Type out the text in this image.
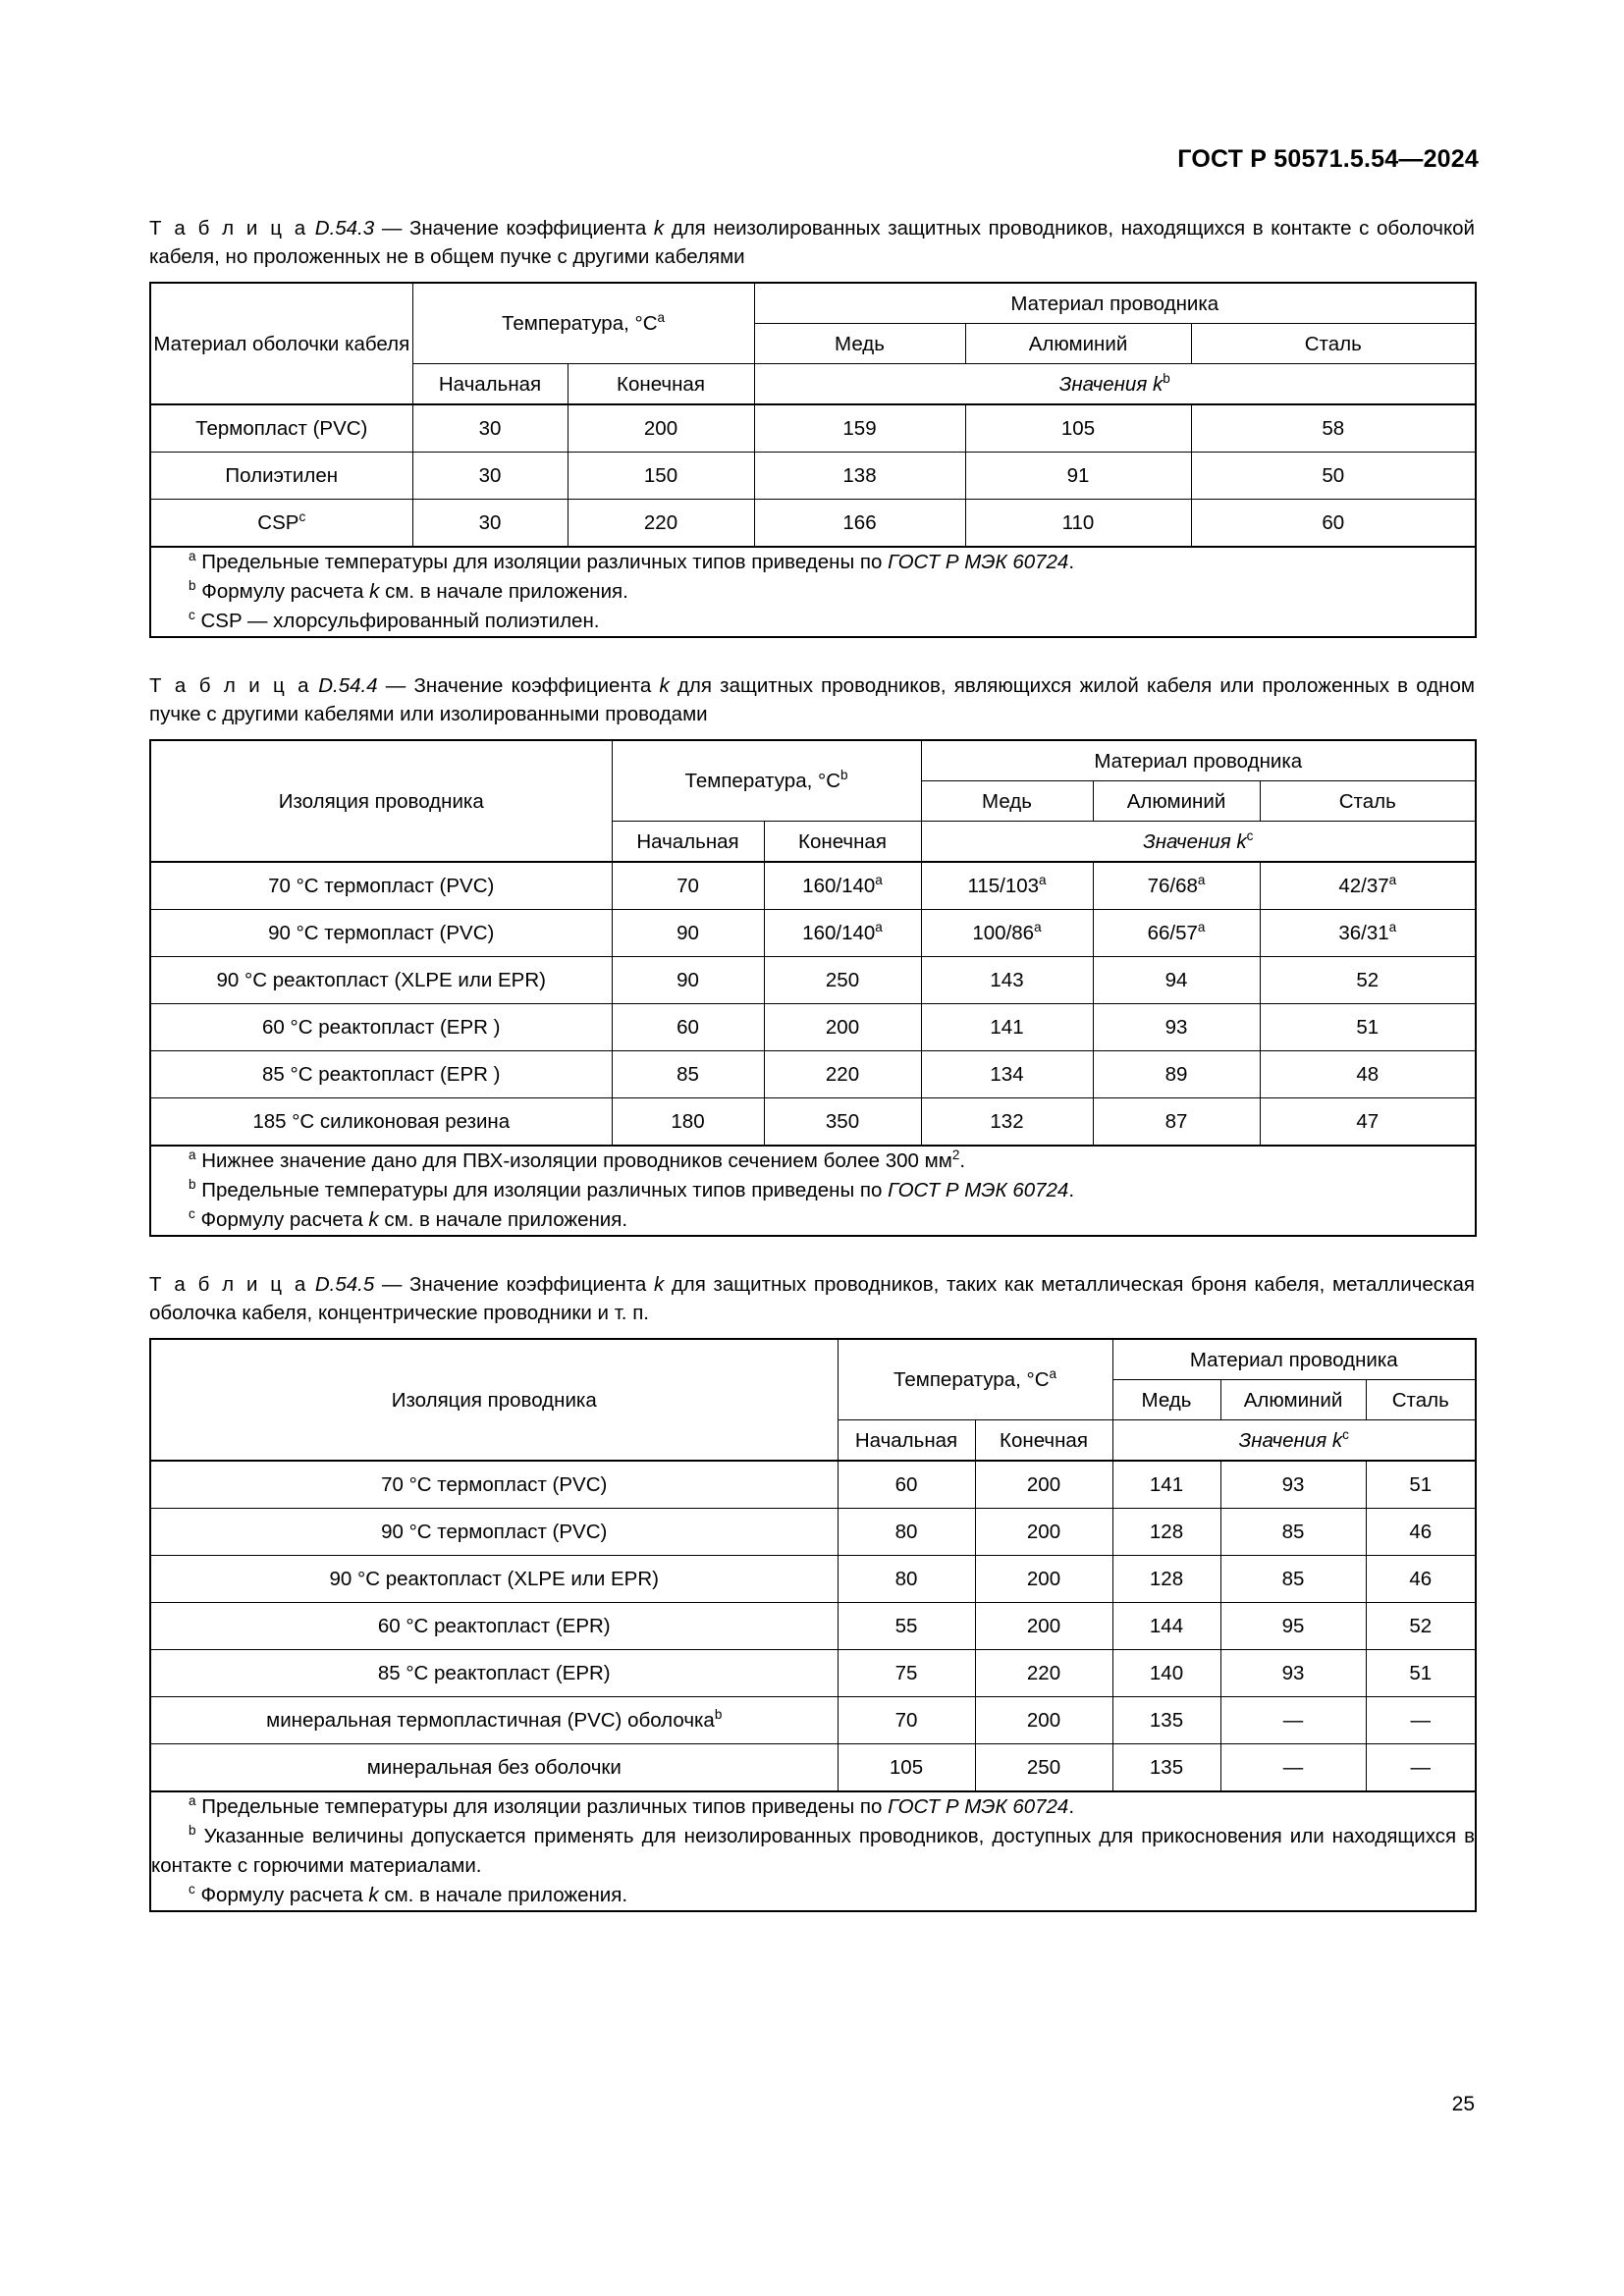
ГОСТ Р 50571.5.54—2024

Т а б л и ц а D.54.3 — Значение коэффициента k для неизолированных защитных проводников, находящихся в контакте с оболочкой кабеля, но проложенных не в общем пучке с другими кабелями

Материал оболочки кабеля	Температура, $^\circ C^a$		Материал проводника		
			Медь	Алюминий	Сталь
	Начальная	Конечная	Значения $k^b$
Термопласт (PVC)	30	200	159	105	58
Полиэтилен	30	150	138	91	50
CSP$^c$	30	220	166	110	60

$^a$ Предельные температуры для изоляции различных типов приведены по ГОСТ Р МЭК 60724.

$^b$ Формулу расчета k см. в начале приложения.

$^c$ CSP — хлорсульфированный полиэтилен.					

Т а б л и ц а D.54.4 — Значение коэффициента k для защитных проводников, являющихся жилой кабеля или проложенных в одном пучке с другими кабелями или изолированными проводами

Изоляция проводника	Температура, $^\circ C^b$		Материал проводника		
			Медь	Алюминий	Сталь
	Начальная	Конечная	Значения $k^c$
70 °C термопласт (PVC)	70	160/140$^a$	115/103$^a$	76/68$^a$	42/37$^a$
90 °C термопласт (PVC)	90	160/140$^a$	100/86$^a$	66/57$^a$	36/31$^a$
90 °C реактопласт (XLPE или EPR)	90	250	143	94	52
60 °C реактопласт (EPR )	60	200	141	93	51
85 °C реактопласт (EPR )	85	220	134	89	48
185 °C силиконовая резина	180	350	132	87	47

$^a$ Нижнее значение дано для ПВХ-изоляции проводников сечением более 300 $мм^2$.

$^b$ Предельные температуры для изоляции различных типов приведены по ГОСТ Р МЭК 60724.

$^c$ Формулу расчета k см. в начале приложения.					

Т а б л и ц а D.54.5 — Значение коэффициента k для защитных проводников, таких как металлическая броня кабеля, металлическая оболочка кабеля, концентрические проводники и т. п.

Изоляция проводника	Температура, $^\circ C^a$		Материал проводника		
			Медь	Алюминий	Сталь
	Начальная	Конечная	Значения $k^c$
70 °C термопласт (PVC)	60	200	141	93	51
90 °C термопласт (PVC)	80	200	128	85	46
90 °C реактопласт (XLPE или EPR)	80	200	128	85	46
60 °C реактопласт (EPR)	55	200	144	95	52
85 °C реактопласт (EPR)	75	220	140	93	51
минеральная термопластичная (PVC) оболочка$^b$	70	200	135	—	—
минеральная без оболочки	105	250	135	—	—

$^a$ Предельные температуры для изоляции различных типов приведены по ГОСТ Р МЭК 60724.

$^b$ Указанные величины допускается применять для неизолированных проводников, доступных для прикосновения или находящихся в контакте с горючими материалами.

$^c$ Формулу расчета k см. в начале приложения.					

25
